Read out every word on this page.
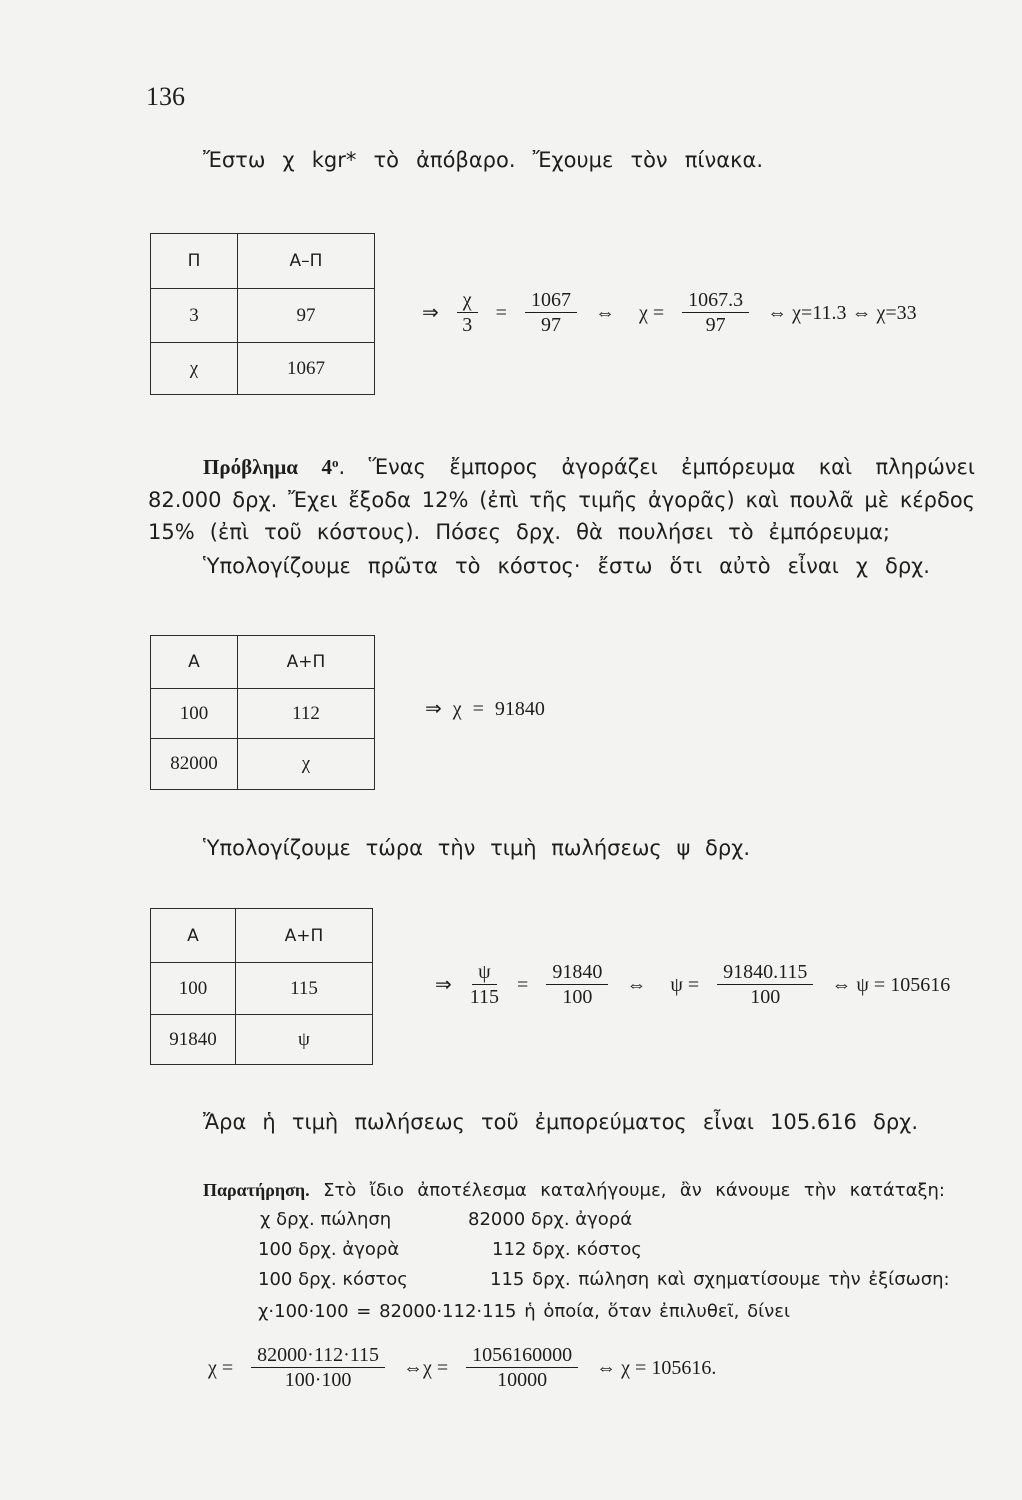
136
Ἔστω χ kgr* τὸ ἀπόβαρο. Ἔχουμε τὸν πίνακα.
Π	Α–Π
3	97
χ	1067
⇒ $\frac{\chi}{3} = \frac{1067}{97}$ ⇔ $\chi = \frac{1067.3}{97}$ ⇔ χ=11.3 ⇔ χ=33
Πρόβλημα $4^o$. Ἕνας ἔμπορος ἀγοράζει ἐμπόρευμα καὶ πληρώνει
82.000 δρχ. Ἔχει ἔξοδα 12% (ἐπὶ τῆς τιμῆς ἀγορᾶς) καὶ πουλᾶ μὲ κέρδος
15% (ἐπὶ τοῦ κόστους). Πόσες δρχ. θὰ πουλήσει τὸ ἐμπόρευμα;
Ὑπολογίζουμε πρῶτα τὸ κόστος· ἔστω ὅτι αὐτὸ εἶναι χ δρχ.
Α	Α+Π
100	112
82000	χ
⇒ χ = 91840
Ὑπολογίζουμε τώρα τὴν τιμὴ πωλήσεως ψ δρχ.
Α	Α+Π
100	115
91840	ψ
⇒ $\frac{\psi}{115} = \frac{91840}{100}$ ⇔ $\psi = \frac{91840.115}{100}$ ⇔ ψ = 105616
Ἄρα ἡ τιμὴ πωλήσεως τοῦ ἐμπορεύματος εἶναι 105.616 δρχ.
Παρατήρηση. Στὸ ἴδιο ἀποτέλεσμα καταλήγουμε, ἂν κάνουμε τὴν κατάταξη:
χ δρχ. πώληση	82000 δρχ. ἀγορά
100 δρχ. ἀγορὰ	112 δρχ. κόστος
100 δρχ. κόστος	115 δρχ. πώληση καὶ σχηματίσουμε τὴν ἐξίσωση:
χ·100·100 = 82000·112·115 ἡ ὁποία, ὅταν ἐπιλυθεῖ, δίνει
$\chi = \frac{82000\cdot 112\cdot 115}{100\cdot 100}$ ⇔χ = $\frac{1056160000}{10000}$ ⇔ χ = 105616.
